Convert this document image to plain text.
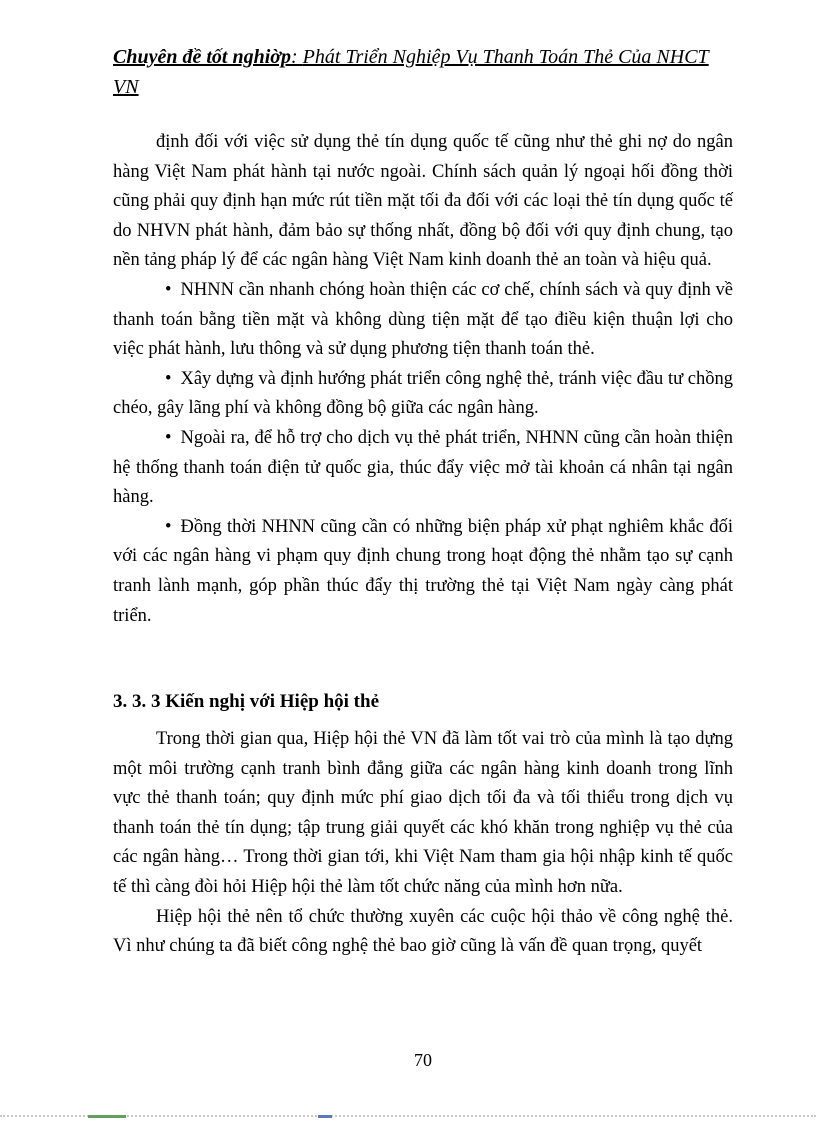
Chuyên đề tốt nghiờp: Phát Triển Nghiệp Vụ Thanh Toán Thẻ Của NHCT VN

định đối với việc sử dụng thẻ tín dụng quốc tế cũng như thẻ ghi nợ do ngân hàng Việt Nam phát hành tại nước ngoài. Chính sách quản lý ngoại hối đồng thời cũng phải quy định hạn mức rút tiền mặt tối đa đối với các loại thẻ tín dụng quốc tế do NHVN phát hành, đảm bảo sự thống nhất, đồng bộ đối với quy định chung, tạo nền tảng pháp lý để các ngân hàng Việt Nam kinh doanh thẻ an toàn và hiệu quả.

• NHNN cần nhanh chóng hoàn thiện các cơ chế, chính sách và quy định về thanh toán bằng tiền mặt và không dùng tiện mặt để tạo điều kiện thuận lợi cho việc phát hành, lưu thông và sử dụng phương tiện thanh toán thẻ.

• Xây dựng và định hướng phát triển công nghệ thẻ, tránh việc đầu tư chồng chéo, gây lãng phí và không đồng bộ giữa các ngân hàng.

• Ngoài ra, để hỗ trợ cho dịch vụ thẻ phát triển, NHNN cũng cần hoàn thiện hệ thống thanh toán điện tử quốc gia, thúc đẩy việc mở tài khoản cá nhân tại ngân hàng.

• Đồng thời NHNN cũng cần có những biện pháp xử phạt nghiêm khắc đối với các ngân hàng vi phạm quy định chung trong hoạt động thẻ nhằm tạo sự cạnh tranh lành mạnh, góp phần thúc đẩy thị trường thẻ tại Việt Nam ngày càng phát triển.

3. 3. 3 Kiến nghị với Hiệp hội thẻ

Trong thời gian qua, Hiệp hội thẻ VN đã làm tốt vai trò của mình là tạo dựng một môi trường cạnh tranh bình đẳng giữa các ngân hàng kinh doanh trong lĩnh vực thẻ thanh toán; quy định mức phí giao dịch tối đa và tối thiểu trong dịch vụ thanh toán thẻ tín dụng; tập trung giải quyết các khó khăn trong nghiệp vụ thẻ của các ngân hàng… Trong thời gian tới, khi Việt Nam tham gia hội nhập kinh tế quốc tế thì càng đòi hỏi Hiệp hội thẻ làm tốt chức năng của mình hơn nữa.

Hiệp hội thẻ nên tổ chức thường xuyên các cuộc hội thảo về công nghệ thẻ. Vì như chúng ta đã biết công nghệ thẻ bao giờ cũng là vấn đề quan trọng, quyết

70
